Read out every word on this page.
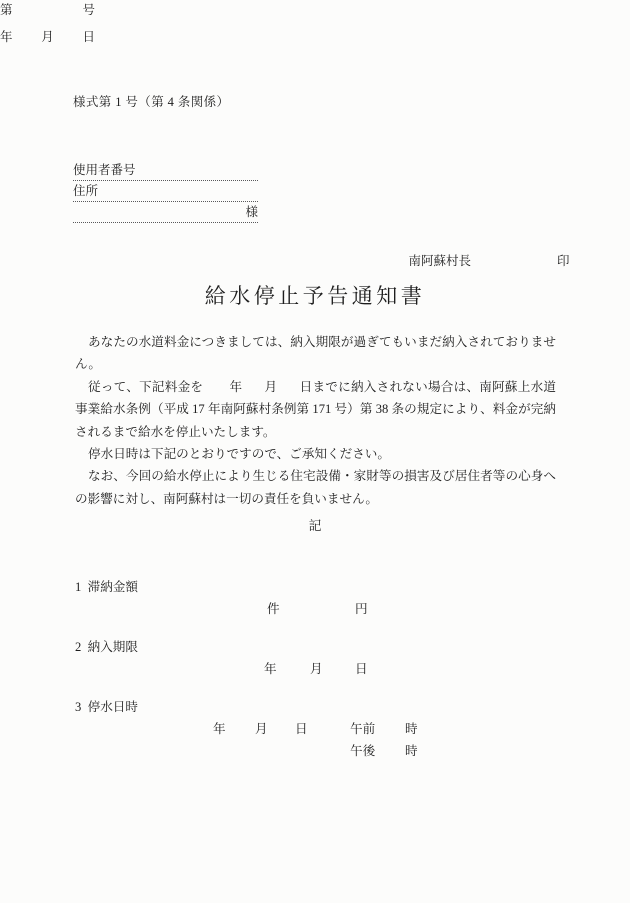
様式第 1 号（第 4 条関係）
第	号
年 月 日
使用者番号
住所
様

南阿蘇村長	印

給水停止予告通知書

あなたの水道料金につきましては、納入期限が過ぎてもいまだ納入されておりません。

従って、下記料金を 年 月 日までに納入されない場合は、南阿蘇上水道事業給水条例（平成 17 年南阿蘇村条例第 171 号）第 38 条の規定により、料金が完納されるまで給水を停止いたします。

停水日時は下記のとおりですので、ご承知ください。

なお、今回の給水停止により生じる住宅設備・家財等の損害及び居住者等の心身への影響に対し、南阿蘇村は一切の責任を負いません。

記
1 滞納金額
件	円
2 納入期限
年	月	日
3 停水日時
年 月 日	午前 時
午後 時
